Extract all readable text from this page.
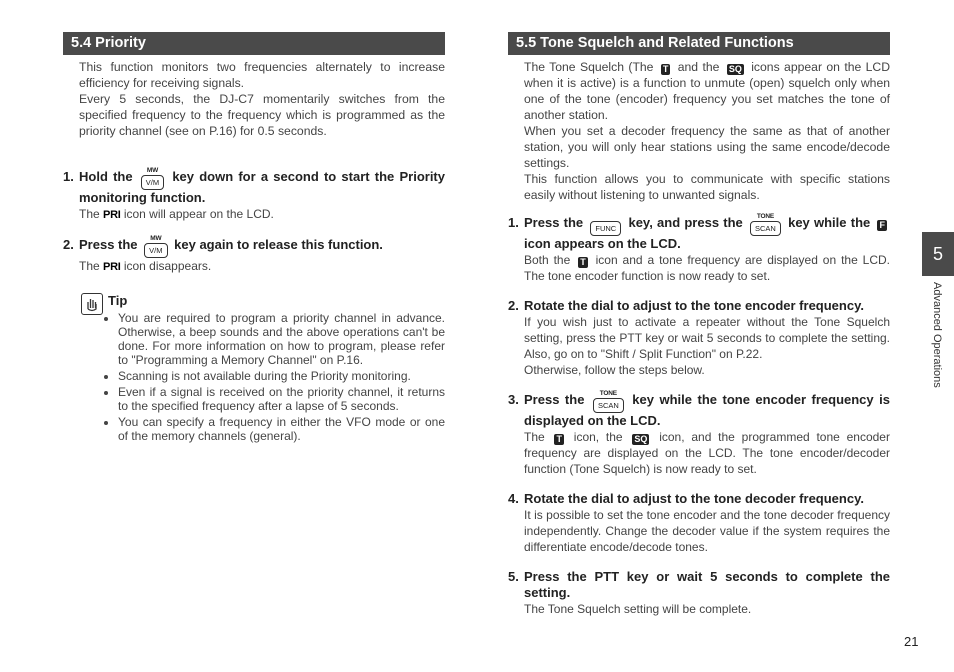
5.4 Priority

This function monitors two frequencies alternately to increase efficiency for receiving signals.

Every 5 seconds, the DJ-C7 momentarily switches from the specified frequency to the frequency which is programmed as the priority channel (see on P.16) for 0.5 seconds.

1. Hold the	MW
V/M key down for a second to start the Priority monitoring function.
The PRI icon will appear on the LCD.
2. Press the	MW
V/M key again to release this function.
The PRI icon disappears.
Tip
• You are required to program a priority channel in advance. Otherwise, a beep sounds and the above operations can't be done. For more information on how to program, please refer to "Programming a Memory Channel" on P.16.
• Scanning is not available during the Priority monitoring.
• Even if a signal is received on the priority channel, it returns to the specified frequency after a lapse of 5 seconds.
• You can specify a frequency in either the VFO mode or one of the memory channels (general).
5.5 Tone Squelch and Related Functions

The Tone Squelch (The T and the SQ icons appear on the LCD when it is active) is a function to unmute (open) squelch only when one of the tone (encoder) frequency you set matches the tone of another station.

When you set a decoder frequency the same as that of another station, you will only hear stations using the same encode/decode settings.

This function allows you to communicate with specific stations easily without listening to unwanted signals.

1. Press the FUNC key, and press the	TONE
SCAN key while the F icon appears on the LCD.
Both the T icon and a tone frequency are displayed on the LCD. The tone encoder function is now ready to set.
2. Rotate the dial to adjust to the tone encoder frequency.
If you wish just to activate a repeater without the Tone Squelch setting, press the PTT key or wait 5 seconds to complete the setting. Also, go on to "Shift / Split Function" on P.22.
Otherwise, follow the steps below.
3. Press the	TONE
SCAN key while the tone encoder frequency is displayed on the LCD.
The T icon, the SQ icon, and the programmed tone encoder frequency are displayed on the LCD. The tone encoder/decoder function (Tone Squelch) is now ready to set.
4. Rotate the dial to adjust to the tone decoder frequency.
It is possible to set the tone encoder and the tone decoder frequency independently. Change the decoder value if the system requires the differentiate encode/decode tones.
5. Press the PTT key or wait 5 seconds to complete the setting.
The Tone Squelch setting will be complete.
5
Advanced Operations
21
